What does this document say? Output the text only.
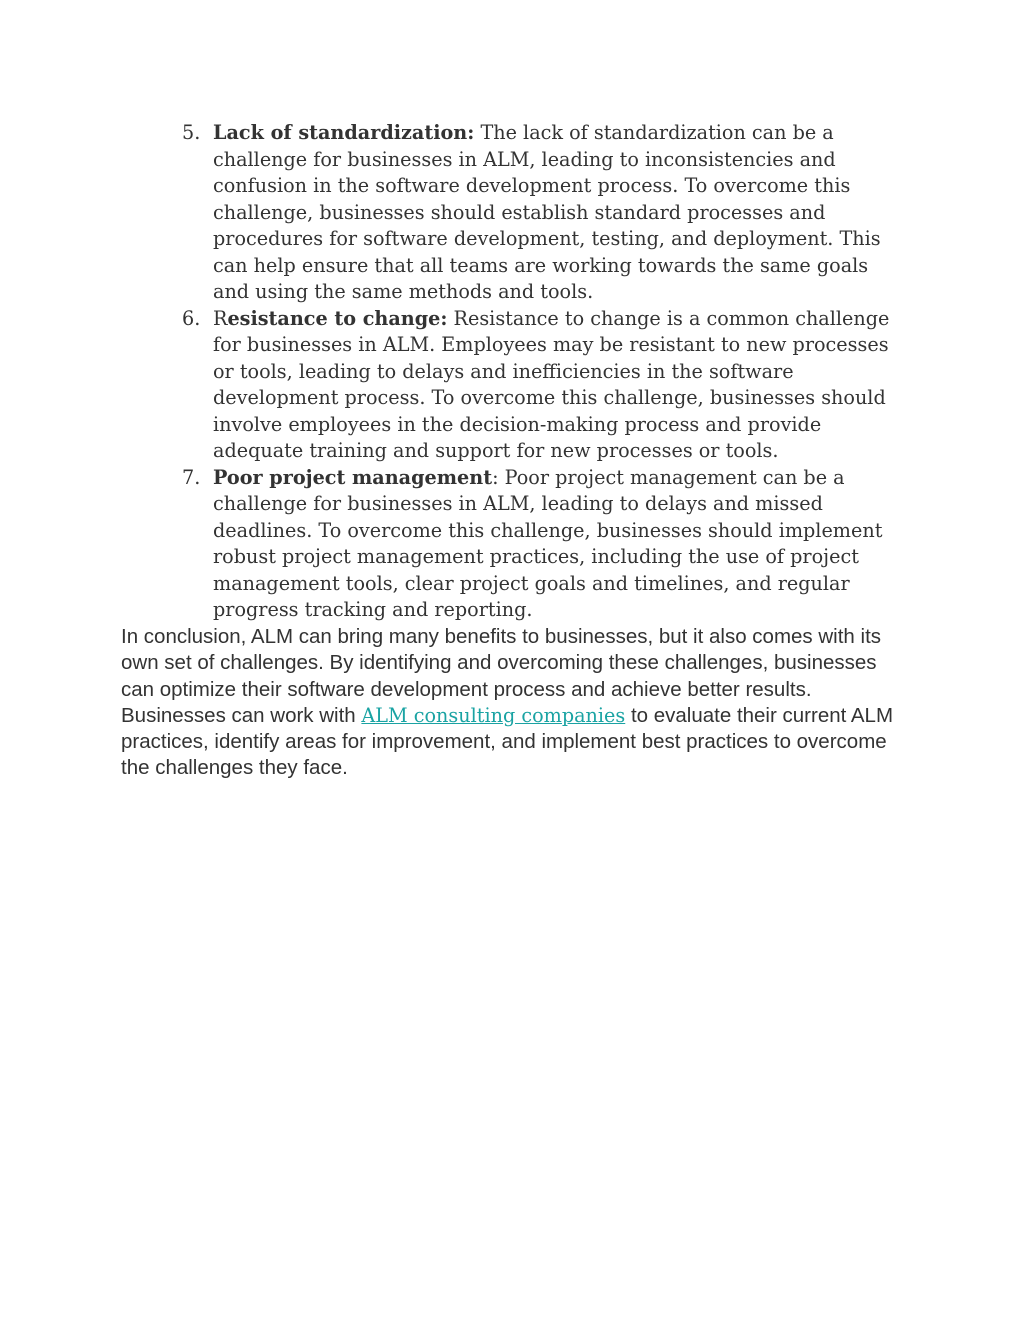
5. Lack of standardization: The lack of standardization can be a challenge for businesses in ALM, leading to inconsistencies and confusion in the software development process. To overcome this challenge, businesses should establish standard processes and procedures for software development, testing, and deployment. This can help ensure that all teams are working towards the same goals and using the same methods and tools.
6. Resistance to change: Resistance to change is a common challenge for businesses in ALM. Employees may be resistant to new processes or tools, leading to delays and inefficiencies in the software development process. To overcome this challenge, businesses should involve employees in the decision-making process and provide adequate training and support for new processes or tools.
7. Poor project management: Poor project management can be a challenge for businesses in ALM, leading to delays and missed deadlines. To overcome this challenge, businesses should implement robust project management practices, including the use of project management tools, clear project goals and timelines, and regular progress tracking and reporting.

In conclusion, ALM can bring many benefits to businesses, but it also comes with its own set of challenges. By identifying and overcoming these challenges, businesses can optimize their software development process and achieve better results. Businesses can work with ALM consulting companies to evaluate their current ALM practices, identify areas for improvement, and implement best practices to overcome the challenges they face.
